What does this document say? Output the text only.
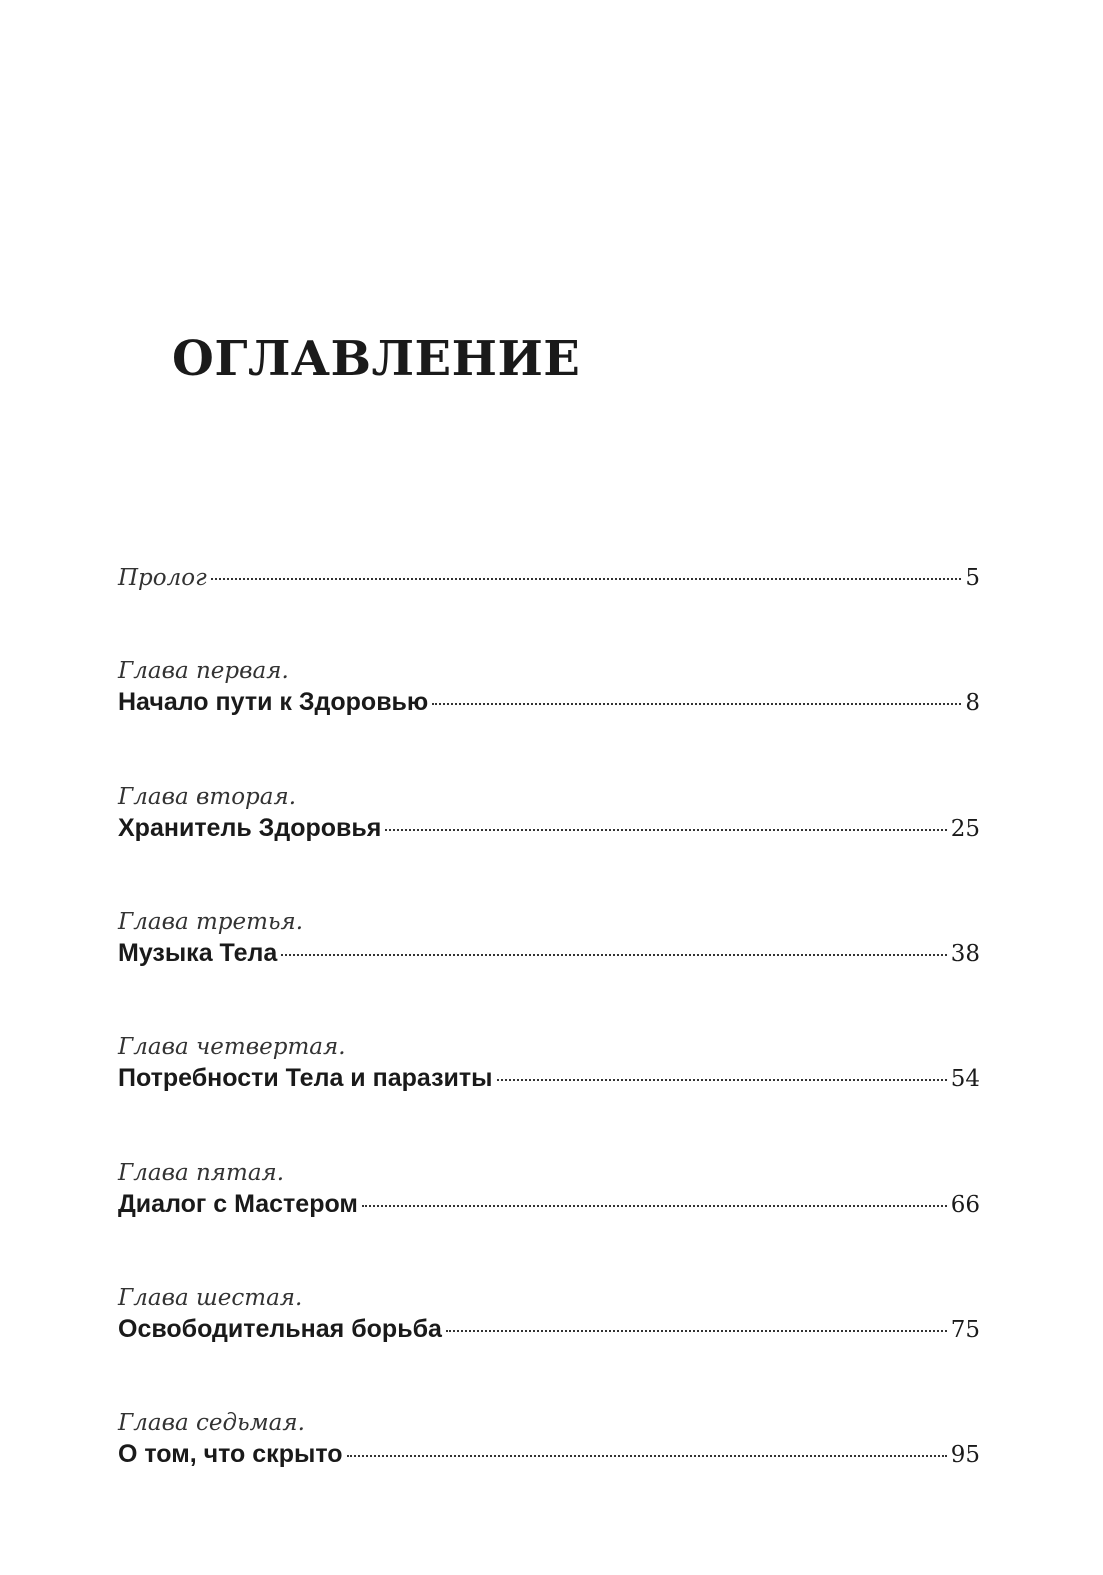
ОГЛАВЛЕНИЕ
Пролог	5
Глава первая.
Начало пути к Здоровью	8
Глава вторая.
Хранитель Здоровья	25
Глава третья.
Музыка Тела	38
Глава четвертая.
Потребности Тела и паразиты	54
Глава пятая.
Диалог с Мастером	66
Глава шестая.
Освободительная борьба	75
Глава седьмая.
О том, что скрыто	95
